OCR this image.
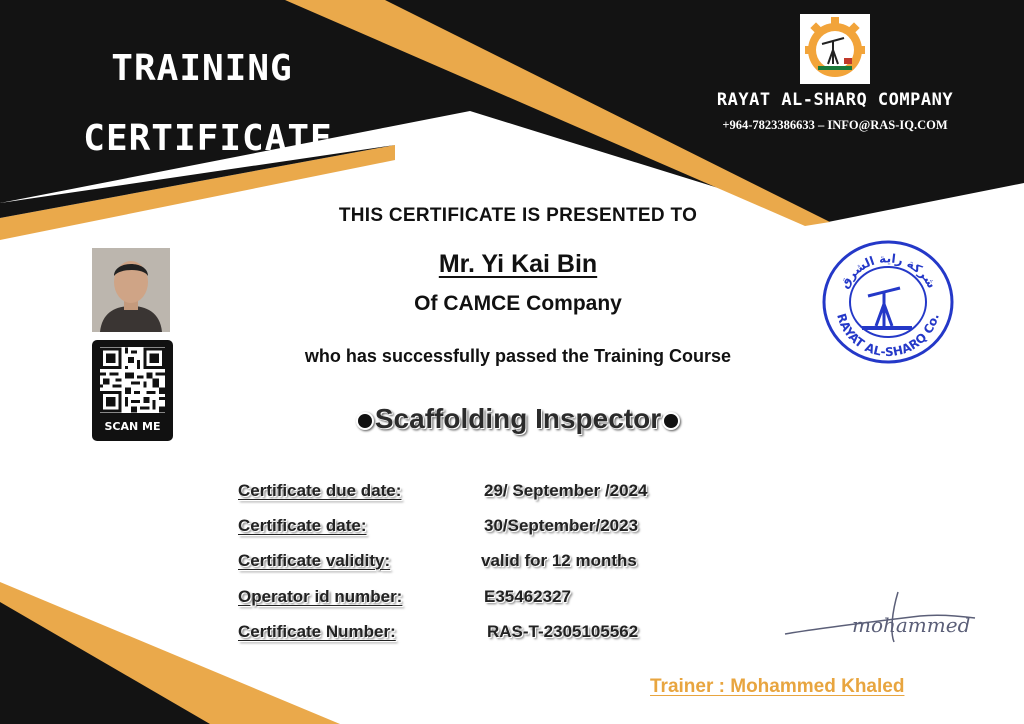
TRAINING
CERTIFICATE
RAYAT AL-SHARQ COMPANY
+964-7823386633 – INFO@RAS-IQ.COM
THIS CERTIFICATE IS PRESENTED TO
Mr. Yi Kai Bin
Of CAMCE Company
who has successfully passed the Training Course
Scaffolding Inspector
Certificate due date:	29/ September /2024
Certificate date:	30/September/2023
Certificate validity:	valid for 12 months
Operator id number:	E35462327
Certificate Number:	RAS-T-2305105562
SCAN ME
RAYAT AL-SHARQ Co.
شركة راية الشرق
mohammed
Trainer : Mohammed Khaled
